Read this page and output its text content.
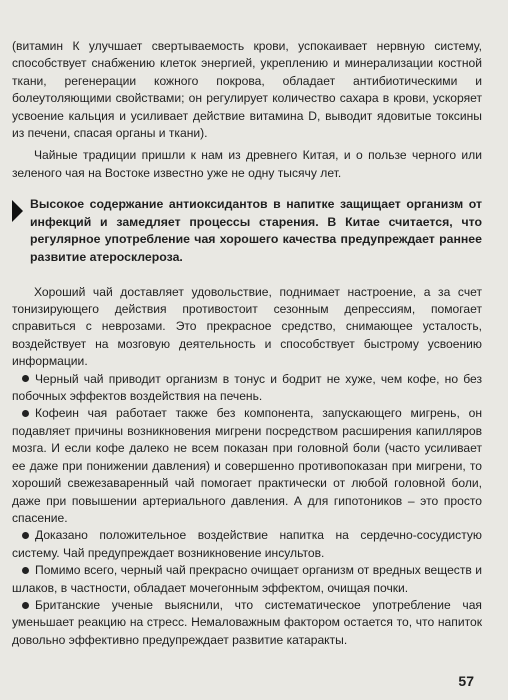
(витамин К улучшает свертываемость крови, успокаивает нервную систему, способствует снабжению клеток энергией, укреплению и минерализации костной ткани, регенерации кожного покрова, обладает антибиотическими и болеутоляющими свойствами; он регулирует количество сахара в крови, ускоряет усвоение кальция и усиливает действие витамина D, выводит ядовитые токсины из печени, спасая органы и ткани).

Чайные традиции пришли к нам из древнего Китая, и о пользе черного или зеленого чая на Востоке известно уже не одну тысячу лет.

Высокое содержание антиоксидантов в напитке защищает организм от инфекций и замедляет процессы старения. В Китае считается, что регулярное употребление чая хорошего качества предупреждает раннее развитие атеросклероза.

Хороший чай доставляет удовольствие, поднимает настроение, а за счет тонизирующего действия противостоит сезонным депрессиям, помогает справиться с неврозами. Это прекрасное средство, снимающее усталость, воздействует на мозговую деятельность и способствует быстрому усвоению информации.

Черный чай приводит организм в тонус и бодрит не хуже, чем кофе, но без побочных эффектов воздействия на печень.

Кофеин чая работает также без компонента, запускающего мигрень, он подавляет причины возникновения мигрени посредством расширения капилляров мозга. И если кофе далеко не всем показан при головной боли (часто усиливает ее даже при понижении давления) и совершенно противопоказан при мигрени, то хороший свежезаваренный чай помогает практически от любой головной боли, даже при повышении артериального давления. А для гипотоников – это просто спасение.

Доказано положительное воздействие напитка на сердечно-сосудистую систему. Чай предупреждает возникновение инсультов.

Помимо всего, черный чай прекрасно очищает организм от вредных веществ и шлаков, в частности, обладает мочегонным эффектом, очищая почки.

Британские ученые выяснили, что систематическое употребление чая уменьшает реакцию на стресс. Немаловажным фактором остается то, что напиток довольно эффективно предупреждает развитие катаракты.

57
